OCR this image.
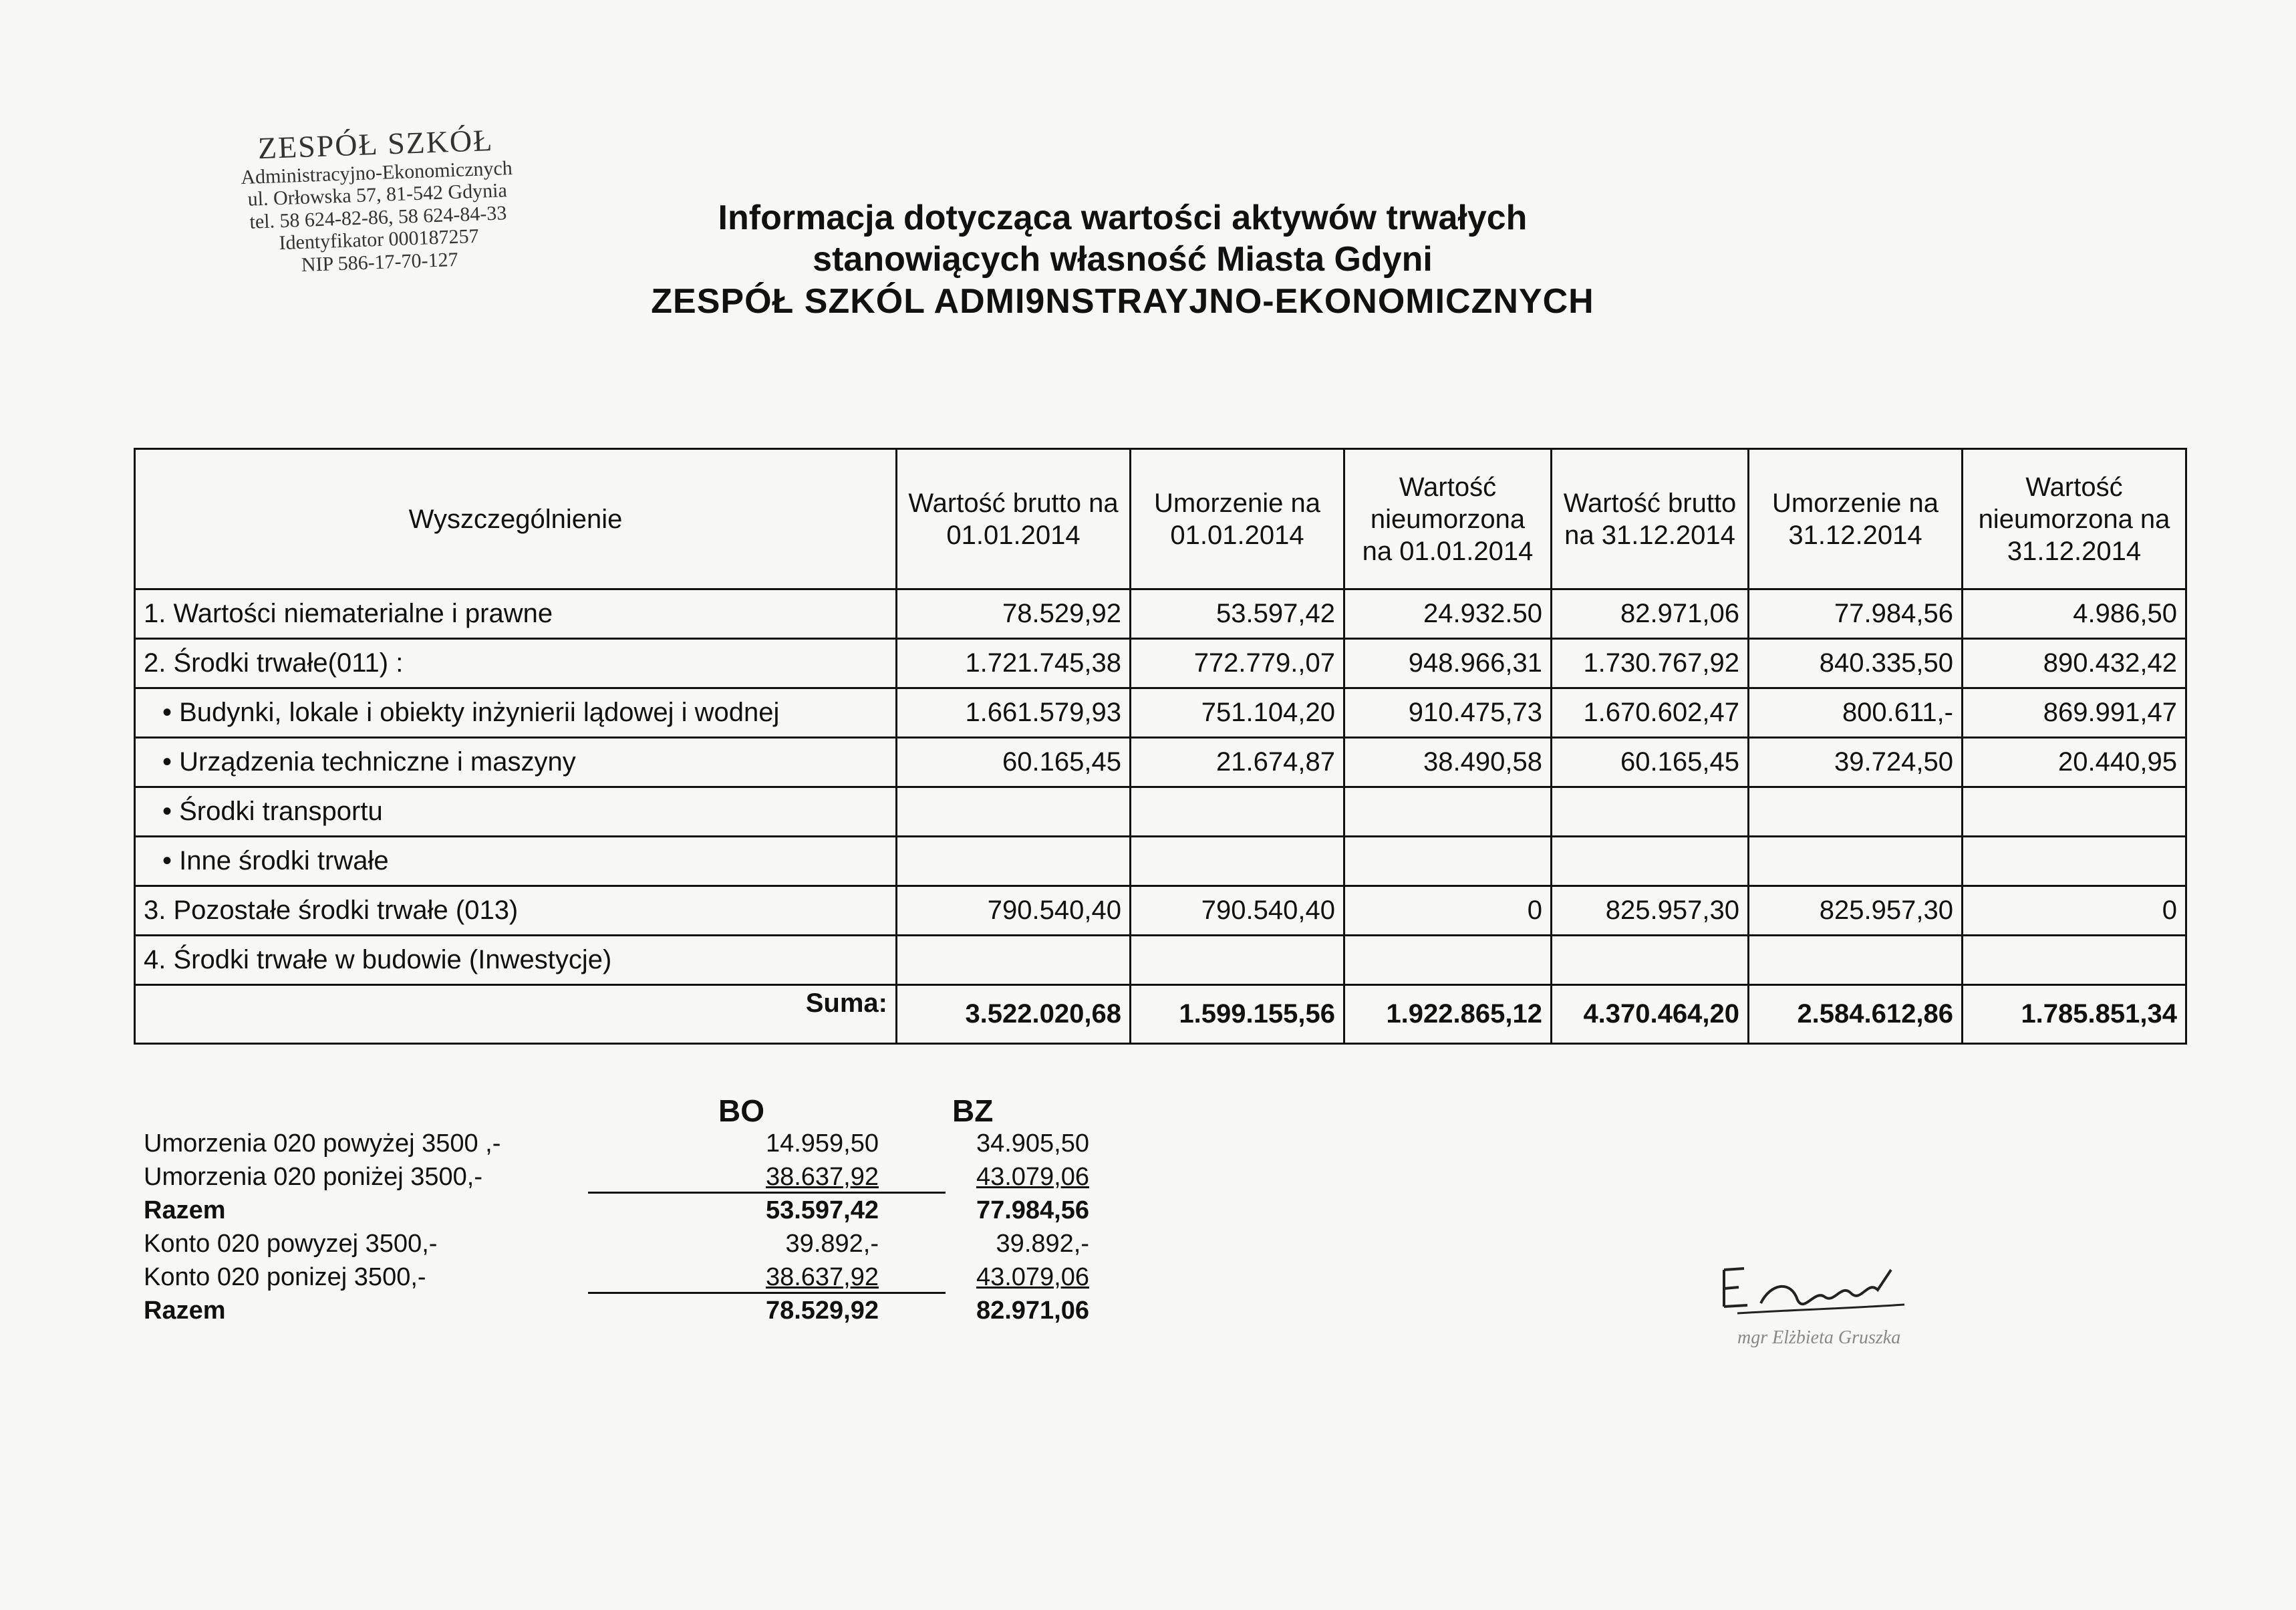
ZESPÓŁ SZKÓŁ
Administracyjno-Ekonomicznych
ul. Orłowska 57, 81-542 Gdynia
tel. 58 624-82-86, 58 624-84-33
Identyfikator 000187257
NIP 586-17-70-127
Informacja dotycząca wartości aktywów trwałych
stanowiących własność Miasta Gdyni
ZESPÓŁ SZKÓL ADMI9NSTRAYJNO-EKONOMICZNYCH
Wyszczególnienie	Wartość brutto na 01.01.2014	Umorzenie na 01.01.2014	Wartość nieumorzona na 01.01.2014	Wartość brutto na 31.12.2014	Umorzenie na 31.12.2014	Wartość nieumorzona na 31.12.2014
1. Wartości niematerialne i prawne	78.529,92	53.597,42	24.932.50	82.971,06	77.984,56	4.986,50
2. Środki trwałe(011) :	1.721.745,38	772.779.,07	948.966,31	1.730.767,92	840.335,50	890.432,42
• Budynki, lokale i obiekty inżynierii lądowej i wodnej	1.661.579,93	751.104,20	910.475,73	1.670.602,47	800.611,-	869.991,47
• Urządzenia techniczne i maszyny	60.165,45	21.674,87	38.490,58	60.165,45	39.724,50	20.440,95
• Środki transportu						
• Inne środki trwałe						
3. Pozostałe środki trwałe (013)	790.540,40	790.540,40	0	825.957,30	825.957,30	0
4. Środki trwałe w budowie (Inwestycje)						
Suma:	3.522.020,68	1.599.155,56	1.922.865,12	4.370.464,20	2.584.612,86	1.785.851,34
BO	BZ
Umorzenia 020 powyżej 3500 ,-	14.959,50	34.905,50
Umorzenia 020 poniżej 3500,-	38.637,92	43.079,06
Razem	53.597,42	77.984,56
Konto 020 powyzej 3500,-	39.892,-	39.892,-
Konto 020 ponizej 3500,-	38.637,92	43.079,06
Razem	78.529,92	82.971,06
mgr Elżbieta Gruszka
